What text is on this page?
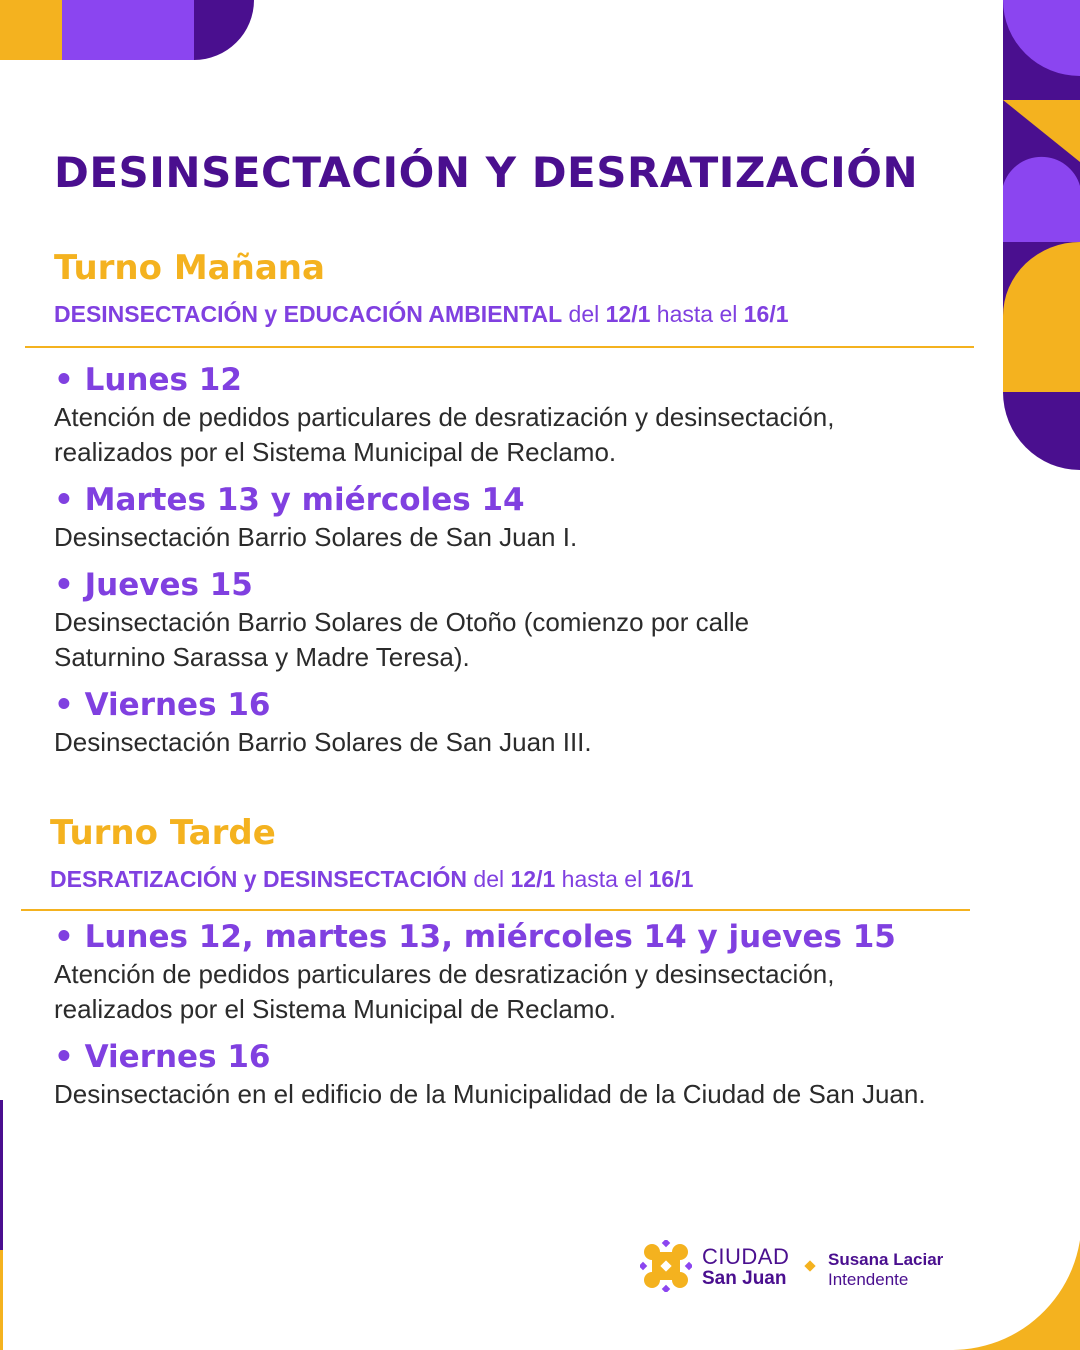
DESINSECTACIÓN Y DESRATIZACIÓN
Turno Mañana

DESINSECTACIÓN y EDUCACIÓN AMBIENTAL del 12/1 hasta el 16/1

• Lunes 12

Atención de pedidos particulares de desratización y desinsectación,
realizados por el Sistema Municipal de Reclamo.

• Martes 13 y miércoles 14

Desinsectación Barrio Solares de San Juan I.

• Jueves 15

Desinsectación Barrio Solares de Otoño (comienzo por calle
Saturnino Sarassa y Madre Teresa).

• Viernes 16

Desinsectación Barrio Solares de San Juan III.

Turno Tarde

DESRATIZACIÓN y DESINSECTACIÓN del 12/1 hasta el 16/1

• Lunes 12, martes 13, miércoles 14 y jueves 15

Atención de pedidos particulares de desratización y desinsectación,
realizados por el Sistema Municipal de Reclamo.

• Viernes 16

Desinsectación en el edificio de la Municipalidad de la Ciudad de San Juan.

CIUDAD
San Juan
Susana Laciar
Intendente
